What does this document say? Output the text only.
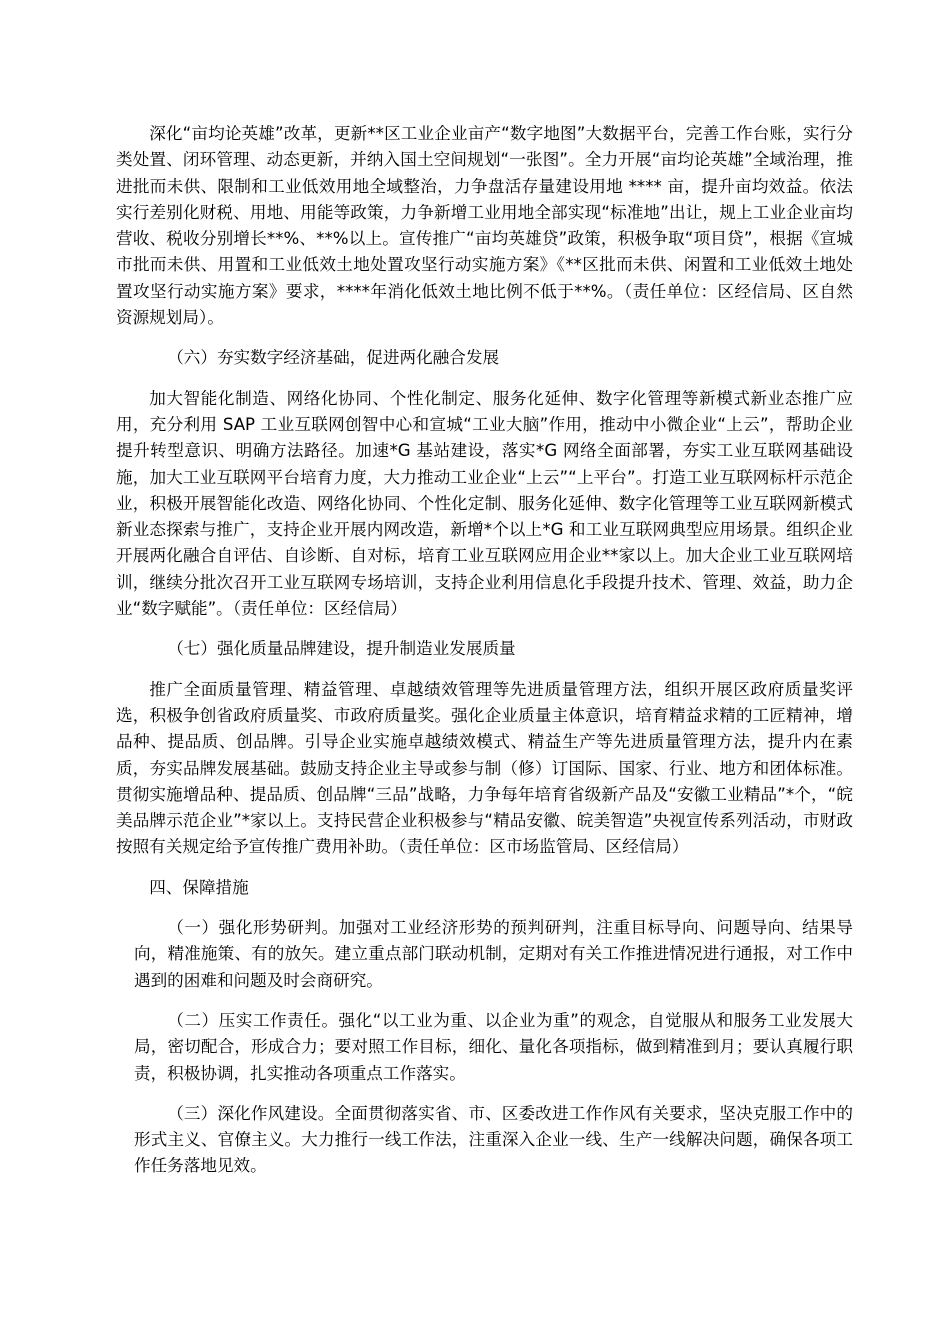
深化“亩均论英雄”改革，更新**区工业企业亩产“数字地图”大数据平台，完善工作台账，实行分类处置、闭环管理、动态更新，并纳入国土空间规划“一张图”。全力开展“亩均论英雄”全域治理，推进批而未供、限制和工业低效用地全域整治，力争盘活存量建设用地 **** 亩，提升亩均效益。依法实行差别化财税、用地、用能等政策，力争新增工业用地全部实现“标准地”出让，规上工业企业亩均营收、税收分别增长**%、**%以上。宣传推广“亩均英雄贷”政策，积极争取“项目贷”，根据《宣城市批而未供、用置和工业低效土地处置攻坚行动实施方案》《**区批而未供、闲置和工业低效土地处置攻坚行动实施方案》要求，****年消化低效土地比例不低于**%。（责任单位：区经信局、区自然资源规划局）。

（六）夯实数字经济基础，促进两化融合发展

加大智能化制造、网络化协同、个性化制定、服务化延伸、数字化管理等新模式新业态推广应用，充分利用 SAP 工业互联网创智中心和宣城“工业大脑”作用，推动中小微企业“上云”，帮助企业提升转型意识、明确方法路径。加速*G 基站建设，落实*G 网络全面部署，夯实工业互联网基础设施，加大工业互联网平台培育力度，大力推动工业企业“上云”“上平台”。打造工业互联网标杆示范企业，积极开展智能化改造、网络化协同、个性化定制、服务化延伸、数字化管理等工业互联网新模式新业态探索与推广，支持企业开展内网改造，新增*个以上*G 和工业互联网典型应用场景。组织企业开展两化融合自评估、自诊断、自对标，培育工业互联网应用企业**家以上。加大企业工业互联网培训，继续分批次召开工业互联网专场培训，支持企业利用信息化手段提升技术、管理、效益，助力企业“数字赋能”。（责任单位：区经信局）

（七）强化质量品牌建设，提升制造业发展质量

推广全面质量管理、精益管理、卓越绩效管理等先进质量管理方法，组织开展区政府质量奖评选，积极争创省政府质量奖、市政府质量奖。强化企业质量主体意识，培育精益求精的工匠精神，增品种、提品质、创品牌。引导企业实施卓越绩效模式、精益生产等先进质量管理方法，提升内在素质，夯实品牌发展基础。鼓励支持企业主导或参与制（修）订国际、国家、行业、地方和团体标准。贯彻实施增品种、提品质、创品牌“三品”战略，力争每年培育省级新产品及“安徽工业精品”*个，“皖美品牌示范企业”*家以上。支持民营企业积极参与“精品安徽、皖美智造”央视宣传系列活动，市财政按照有关规定给予宣传推广费用补助。（责任单位：区市场监管局、区经信局）

四、保障措施

（一）强化形势研判。加强对工业经济形势的预判研判，注重目标导向、问题导向、结果导向，精准施策、有的放矢。建立重点部门联动机制，定期对有关工作推进情况进行通报，对工作中遇到的困难和问题及时会商研究。

（二）压实工作责任。强化“以工业为重、以企业为重”的观念，自觉服从和服务工业发展大局，密切配合，形成合力；要对照工作目标，细化、量化各项指标，做到精准到月；要认真履行职责，积极协调，扎实推动各项重点工作落实。

（三）深化作风建设。全面贯彻落实省、市、区委改进工作作风有关要求，坚决克服工作中的形式主义、官僚主义。大力推行一线工作法，注重深入企业一线、生产一线解决问题，确保各项工作任务落地见效。
